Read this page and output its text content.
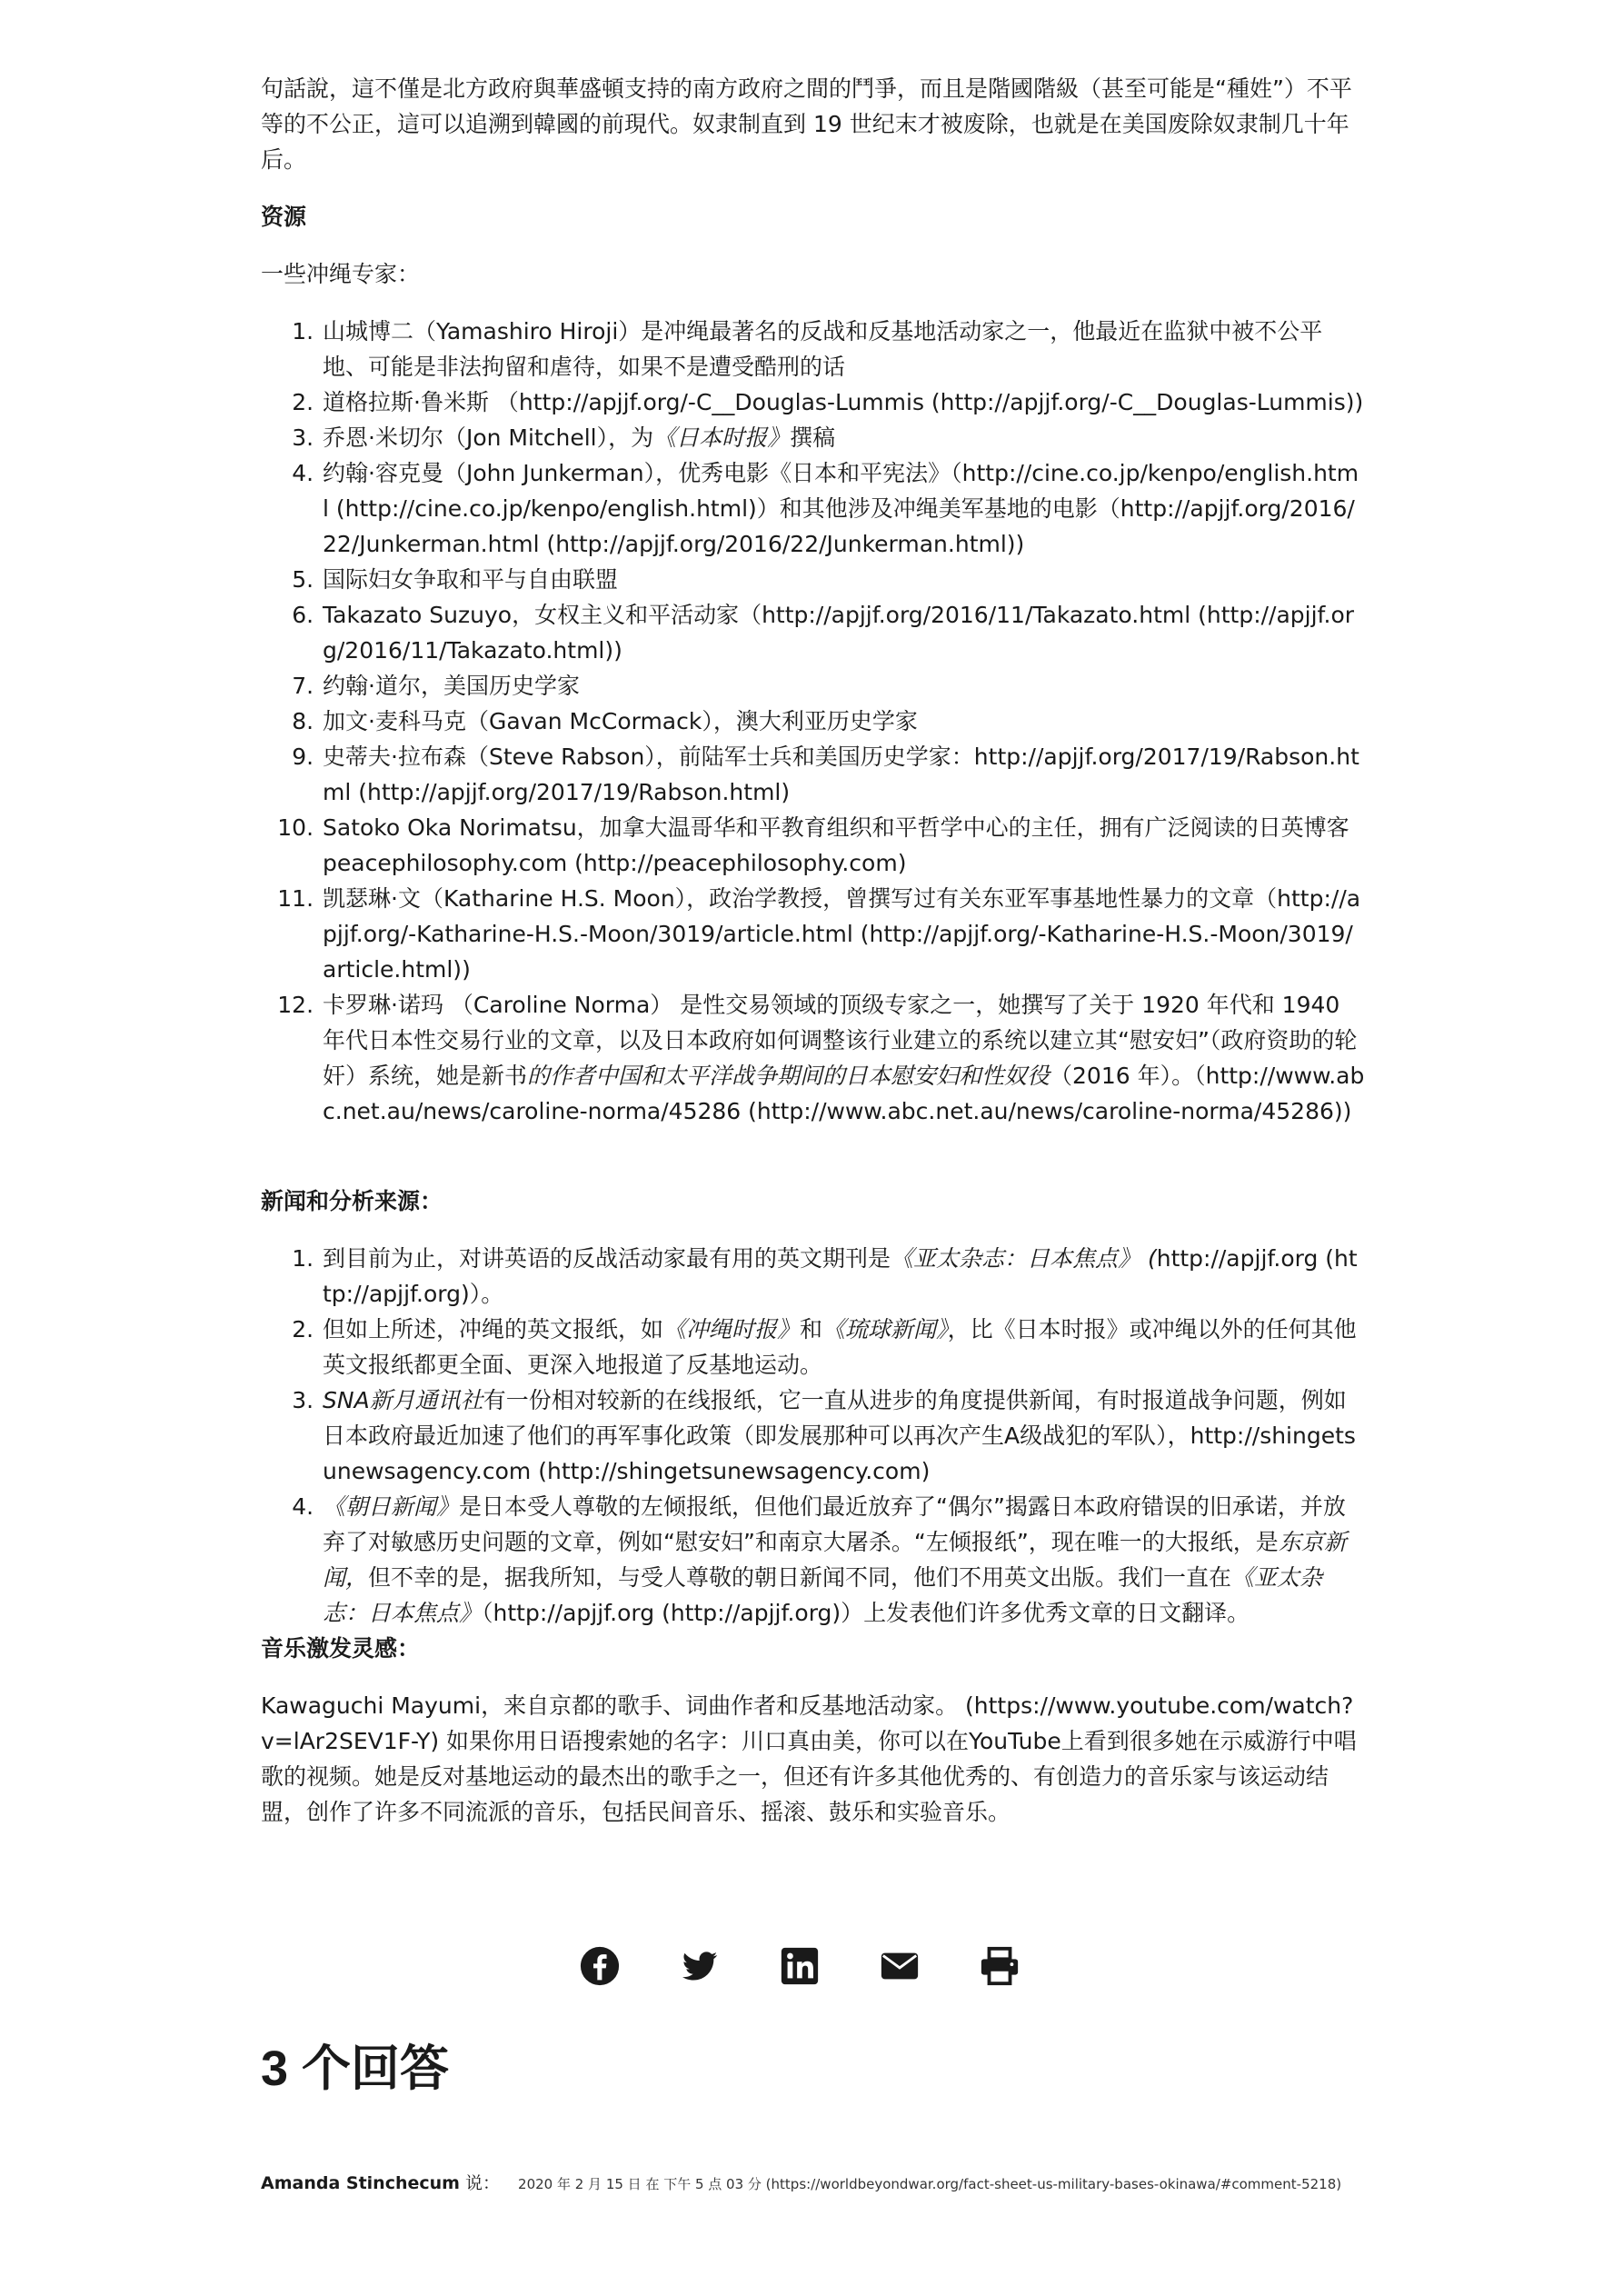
句話說，這不僅是北方政府與華盛頓支持的南方政府之間的鬥爭，而且是階國階級（甚至可能是“種姓”）不平等的不公正，這可以追溯到韓國的前現代。奴隶制直到 19 世纪末才被废除，也就是在美国废除奴隶制几十年后。

资源

一些冲绳专家：

1. 山城博二（Yamashiro Hiroji）是冲绳最著名的反战和反基地活动家之一，他最近在监狱中被不公平地、可能是非法拘留和虐待，如果不是遭受酷刑的话
2. 道格拉斯·鲁米斯 （http://apjjf.org/-C__Douglas-Lummis (http://apjjf.org/-C__Douglas-Lummis))
3. 乔恩·米切尔（Jon Mitchell），为《日本时报》撰稿
4. 约翰·容克曼（John Junkerman），优秀电影《日本和平宪法》（http://cine.co.jp/kenpo/english.html (http://cine.co.jp/kenpo/english.html)）和其他涉及冲绳美军基地的电影（http://apjjf.org/2016/22/Junkerman.html (http://apjjf.org/2016/22/Junkerman.html))
5. 国际妇女争取和平与自由联盟
6. Takazato Suzuyo，女权主义和平活动家（http://apjjf.org/2016/11/Takazato.html (http://apjjf.org/2016/11/Takazato.html))
7. 约翰·道尔，美国历史学家
8. 加文·麦科马克（Gavan McCormack），澳大利亚历史学家
9. 史蒂夫·拉布森（Steve Rabson），前陆军士兵和美国历史学家：http://apjjf.org/2017/19/Rabson.html (http://apjjf.org/2017/19/Rabson.html)
10. Satoko Oka Norimatsu，加拿大温哥华和平教育组织和平哲学中心的主任，拥有广泛阅读的日英博客 peacephilosophy.com (http://peacephilosophy.com)
11. 凯瑟琳·文（Katharine H.S. Moon），政治学教授，曾撰写过有关东亚军事基地性暴力的文章（http://apjjf.org/-Katharine-H.S.-Moon/3019/article.html (http://apjjf.org/-Katharine-H.S.-Moon/3019/article.html))
12. 卡罗琳·诺玛 （Caroline Norma） 是性交易领域的顶级专家之一，她撰写了关于 1920 年代和 1940 年代日本性交易行业的文章，以及日本政府如何调整该行业建立的系统以建立其“慰安妇”（政府资助的轮奸）系统，她是新书的作者中国和太平洋战争期间的日本慰安妇和性奴役（2016 年）。（http://www.abc.net.au/news/caroline-norma/45286 (http://www.abc.net.au/news/caroline-norma/45286))

新闻和分析来源：

1. 到目前为止，对讲英语的反战活动家最有用的英文期刊是《亚太杂志：日本焦点》 (http://apjjf.org (http://apjjf.org)）。
2. 但如上所述，冲绳的英文报纸，如《冲绳时报》和《琉球新闻》，比《日本时报》或冲绳以外的任何其他英文报纸都更全面、更深入地报道了反基地运动。
3. SNA新月通讯社有一份相对较新的在线报纸，它一直从进步的角度提供新闻，有时报道战争问题，例如日本政府最近加速了他们的再军事化政策（即发展那种可以再次产生A级战犯的军队），http://shingetsunewsagency.com (http://shingetsunewsagency.com)
4. 《朝日新闻》是日本受人尊敬的左倾报纸，但他们最近放弃了“偶尔”揭露日本政府错误的旧承诺，并放弃了对敏感历史问题的文章，例如“慰安妇”和南京大屠杀。“左倾报纸”，现在唯一的大报纸，是东京新闻，但不幸的是，据我所知，与受人尊敬的朝日新闻不同，他们不用英文出版。我们一直在《亚太杂志：日本焦点》（http://apjjf.org (http://apjjf.org)）上发表他们许多优秀文章的日文翻译。

音乐激发灵感：

Kawaguchi Mayumi，来自京都的歌手、词曲作者和反基地活动家。 (https://www.youtube.com/watch?v=lAr2SEV1F-Y) 如果你用日语搜索她的名字：川口真由美，你可以在YouTube上看到很多她在示威游行中唱歌的视频。她是反对基地运动的最杰出的歌手之一，但还有许多其他优秀的、有创造力的音乐家与该运动结盟，创作了许多不同流派的音乐，包括民间音乐、摇滚、鼓乐和实验音乐。

3 个回答
Amanda Stinchecum 说： 2020 年 2 月 15 日 在 下午 5 点 03 分 (https://worldbeyondwar.org/fact-sheet-us-military-bases-okinawa/#comment-5218)
